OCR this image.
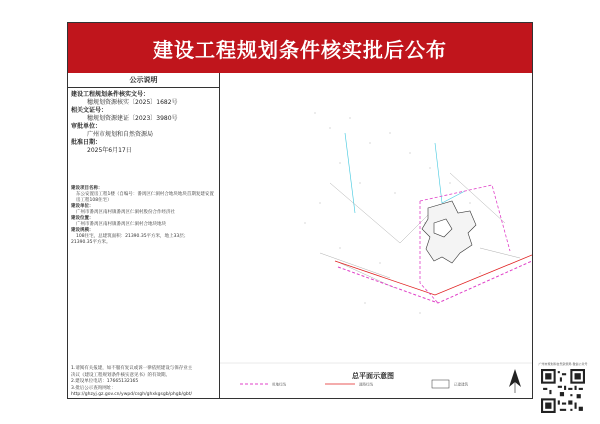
建设工程规划条件核实批后公布
公示说明
建设工程规划条件核实文号：
穗规划资源核实〔2025〕1682号
相关文证号：
穗规划资源建证〔2023〕3980号
审批单位：
广州市规划和自然资源局
批准日期：
2025年6月17日
建设项目名称：
东公安置房工程1楼（自编号：番禺区仁洞村合地块地块首期复建安置房工程108住宅）
建设单位：
广州市番禺区南村镇番禺区仁洞村股份合作经济社
建设位置：
广州市番禺区南村镇番禺区仁洞村合地块地块
建设规模：
108住宅，总建筑面积：21390.35平方米，地上33层；
21390.35平方米。
1.请阅有关报建，如不服有复议或诉一律依照建设与保存业主
决议《建设工程规划条件核实意见书》的有效期。
2.建设单位电话：17665132165
3.批后公示查询网址：
http://ghzyj.gz.gov.cn/ywpd/csgh/ghxkgsgb/phgb/gbt/
用地红线	道路红线	已建建筑
总平面示意图
广州市规划和自然资源局 微信公众号
